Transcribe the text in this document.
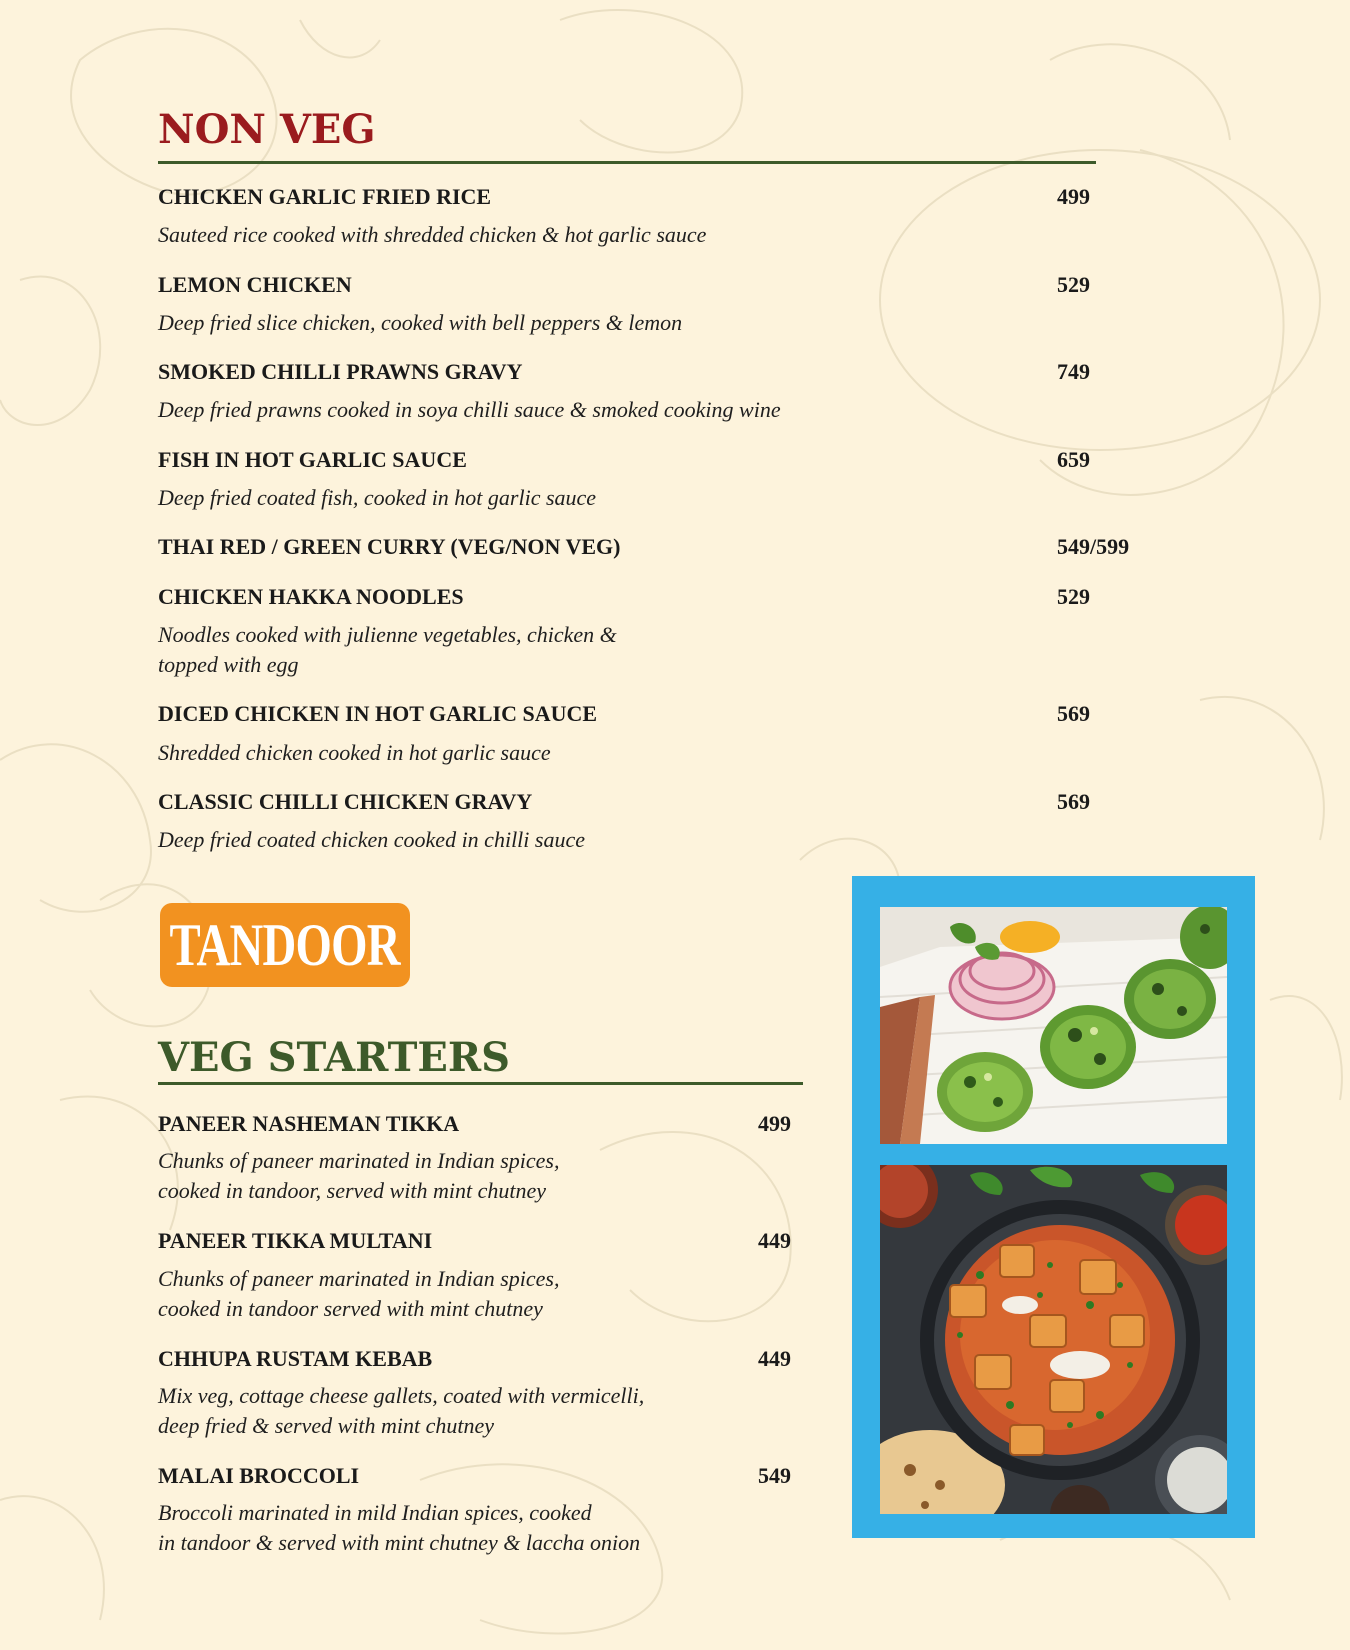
NON VEG
CHICKEN GARLIC FRIED RICE	499
Sauteed rice cooked with shredded chicken & hot garlic sauce
LEMON CHICKEN	529
Deep fried slice chicken, cooked with bell peppers & lemon
SMOKED CHILLI PRAWNS GRAVY	749
Deep fried prawns cooked in soya chilli sauce & smoked cooking wine
FISH IN HOT GARLIC SAUCE	659
Deep fried coated fish, cooked in hot garlic sauce
THAI RED / GREEN CURRY (VEG/NON VEG)	549/599
CHICKEN HAKKA NOODLES	529
Noodles cooked with julienne vegetables, chicken &
topped with egg
DICED CHICKEN IN HOT GARLIC SAUCE	569
Shredded chicken cooked in hot garlic sauce
CLASSIC CHILLI CHICKEN GRAVY	569
Deep fried coated chicken cooked in chilli sauce
TANDOOR
VEG STARTERS
PANEER NASHEMAN TIKKA	499
Chunks of paneer marinated in Indian spices,
cooked in tandoor, served with mint chutney
PANEER TIKKA MULTANI	449
Chunks of paneer marinated in Indian spices,
cooked in tandoor served with mint chutney
CHHUPA RUSTAM KEBAB	449
Mix veg, cottage cheese gallets, coated with vermicelli,
deep fried & served with mint chutney
MALAI BROCCOLI	549
Broccoli marinated in mild Indian spices, cooked
in tandoor & served with mint chutney & laccha onion
